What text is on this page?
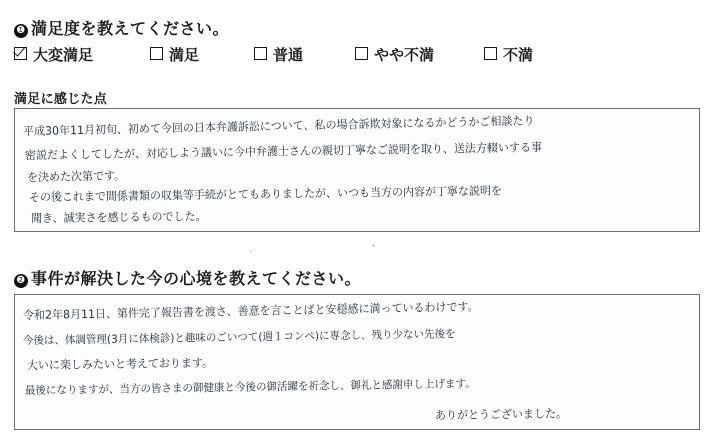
❶ 満足度を教えてください。
大変満足	満足	普通	やや不満	不満
満足に感じた点
平成30年11月初旬、初めて今回の日本弁護訴訟について、私の場合訴欺対象になるかどうかご相談たり
密説だよくしてしたが、対応しよう議いに今中弁護士さんの親切丁寧なご説明を取り、送法方輟いする事
を決めた次第です。
その後これまで間係書類の収集等手続がとてもありましたが、いつも当方の内容が丁寧な説明を
聞き、誠実さを感じるものでした。
❷ 事件が解決した今の心境を教えてください。
令和2年8月11日、第件完了報告書を渡さ、善意を言ことばと安穏感に満っているわけです。
今後は、体調管理(3月に体検診)と趣味のごいつて(週１コンペ)に専念し、残り少ない先後を
大いに楽しみたいと考えております。
最後になりますが、当方の皆さまの御健康と今後の御活躍を祈念し、御礼と感謝申し上げます。
ありがとうございました。
